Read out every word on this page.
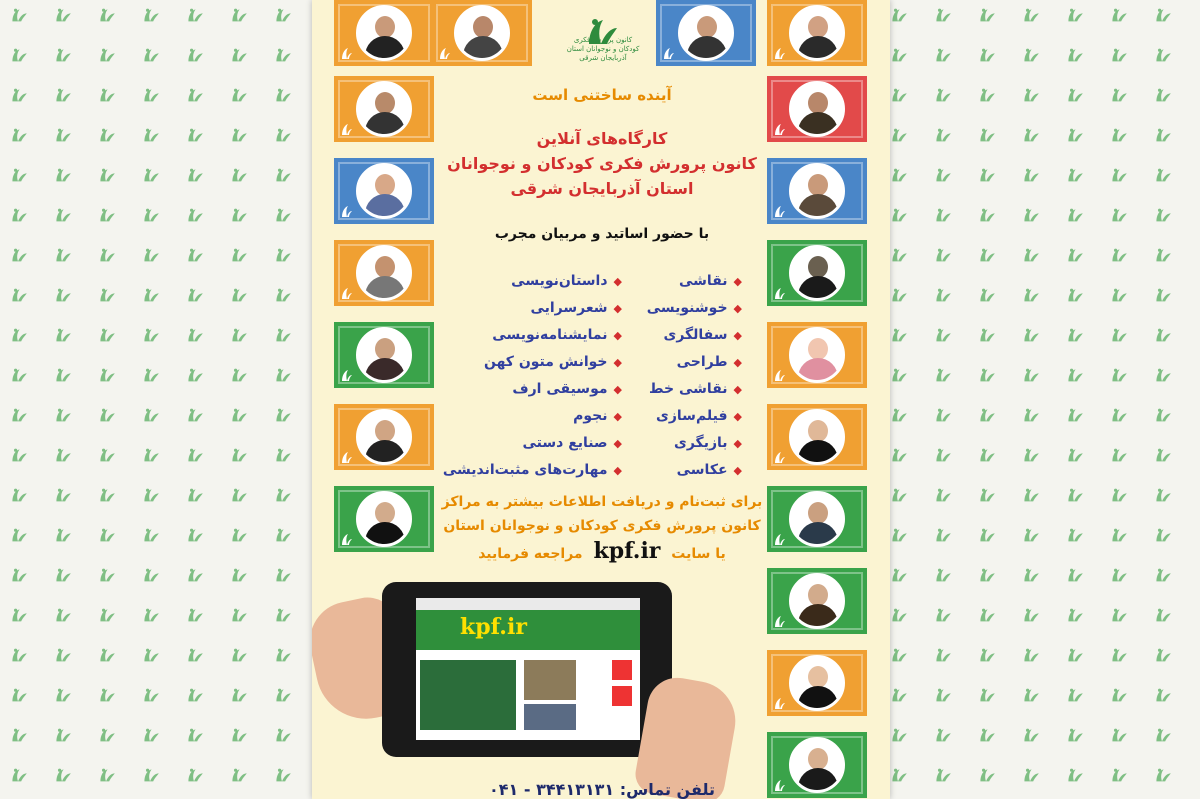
کانون پرورش فکری کودکان و نوجوانان استان آذربایجان شرقی
آینده ساختنی است
کارگاه‌های آنلاین
کانون پرورش فکری کودکان و نوجوانان
استان آذربایجان شرقی
با حضور اساتید و مربیان مجرب
◆نقاشی
◆خوشنویسی
◆سفالگری
◆طراحی
◆نقاشی خط
◆فیلم‌سازی
◆بازیگری
◆عکاسی
◆داستان‌نویسی
◆شعرسرایی
◆نمایشنامه‌نویسی
◆خوانش متون کهن
◆موسیقی ارف
◆نجوم
◆صنایع دستی
◆مهارت‌های مثبت‌اندیشی
برای ثبت‌نام و دریافت اطلاعات بیشتر به مراکز
کانون پرورش فکری کودکان و نوجوانان استان
یا سایت kpf.ir مراجعه فرمایید
kpf.ir
تلفن تماس: ۳۴۴۱۳۱۳۱ - ۰۴۱
